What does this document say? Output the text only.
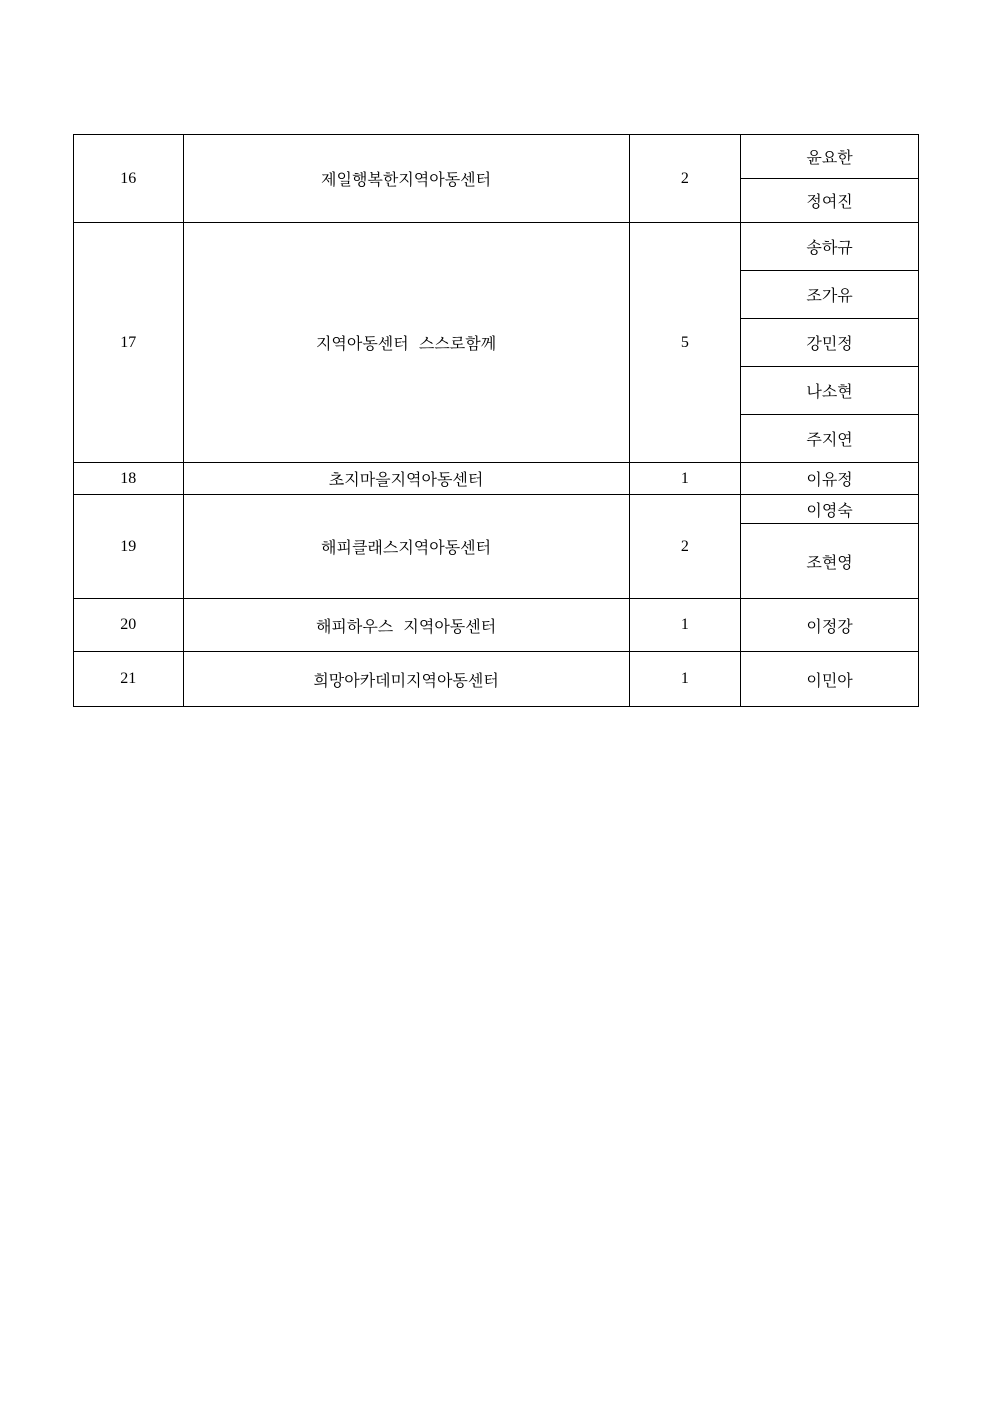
16	제일행복한지역아동센터	2	윤요한
			정여진
17	지역아동센터  스스로함께	5	송하규
			조가유
			강민정
			나소현
			주지연
18	초지마을지역아동센터	1	이유정
19	해피클래스지역아동센터	2	이영숙
			조현영
20	해피하우스  지역아동센터	1	이정강
21	희망아카데미지역아동센터	1	이민아
